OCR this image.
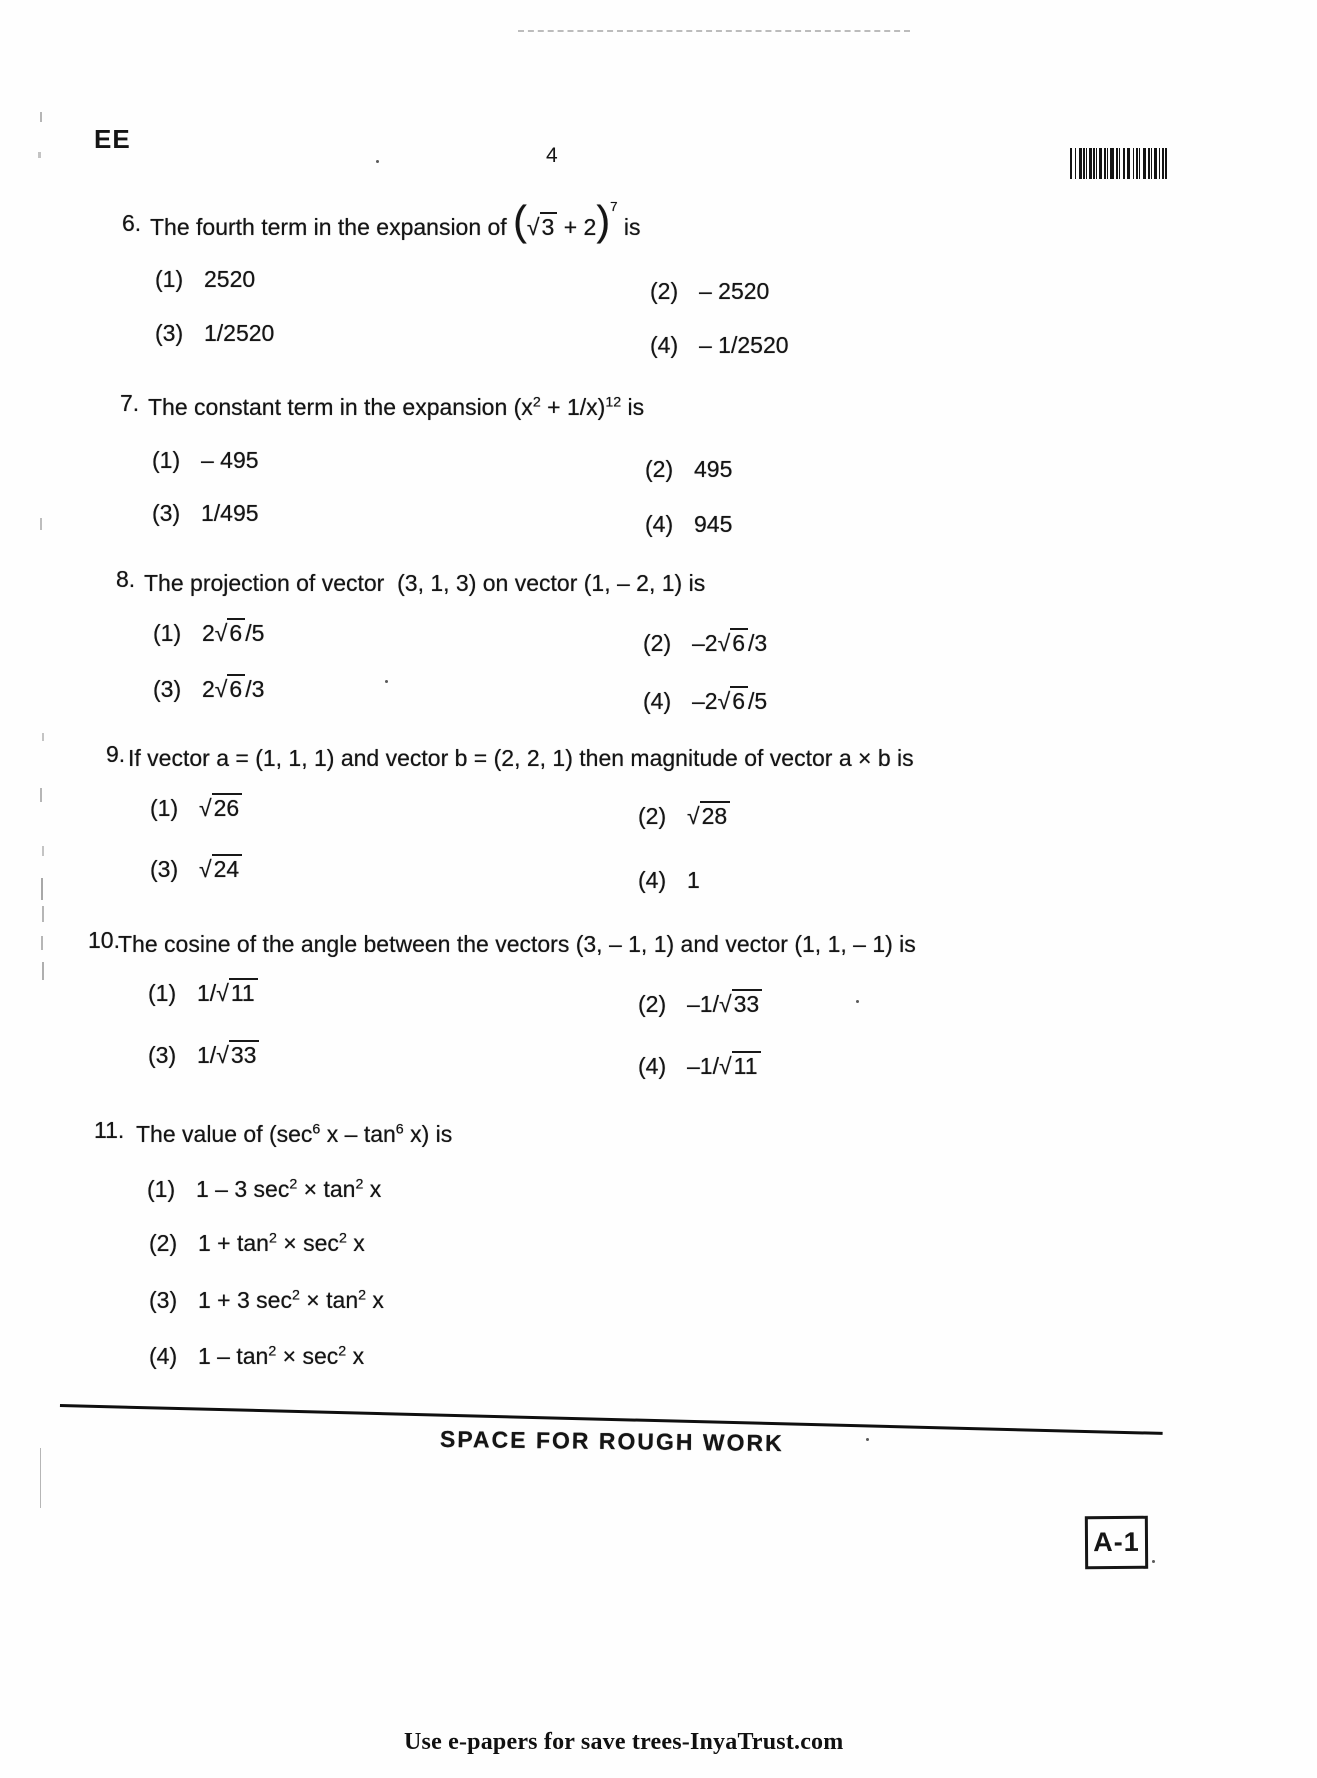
EE
4
6. The fourth term in the expansion of $(√3 + 2)^7$ is
(1) 2520	(2) – 2520
(3) 1/2520	(4) – 1/2520
7. The constant term in the expansion $(x^2 + 1/x)^{12}$ is
(1) – 495	(2) 495
(3) 1/495	(4) 945
8. The projection of vector  (3, 1, 3) on vector (1, – 2, 1) is
(1) 2√6 /5	(2) –2√6 /3
(3) 2√6 /3	(4) –2√6 /5
9. If vector a = (1, 1, 1) and vector b = (2, 2, 1) then magnitude of vector a × b is
(1) √26	(2) √28
(3) √24	(4) 1
10.
The cosine of the angle between the vectors (3, – 1, 1) and vector (1, 1, – 1) is
(1) 1/√11	(2) –1/√33
(3) 1/√33	(4) –1/√11
11. The value of ($\sec^6$ x – $\tan^6 x$) is
(1) 1 – 3 $\sec^2 \times \tan^2 x$
(2) $1 + \tan^2 \times \sec^2 x$
(3) 1 + 3 $\sec^2 \times \tan^2 x$
(4) $1 - \tan^2 \times \sec^2 x$
SPACE FOR ROUGH WORK
A-1
Use e-papers for save trees-InyaTrust.com
